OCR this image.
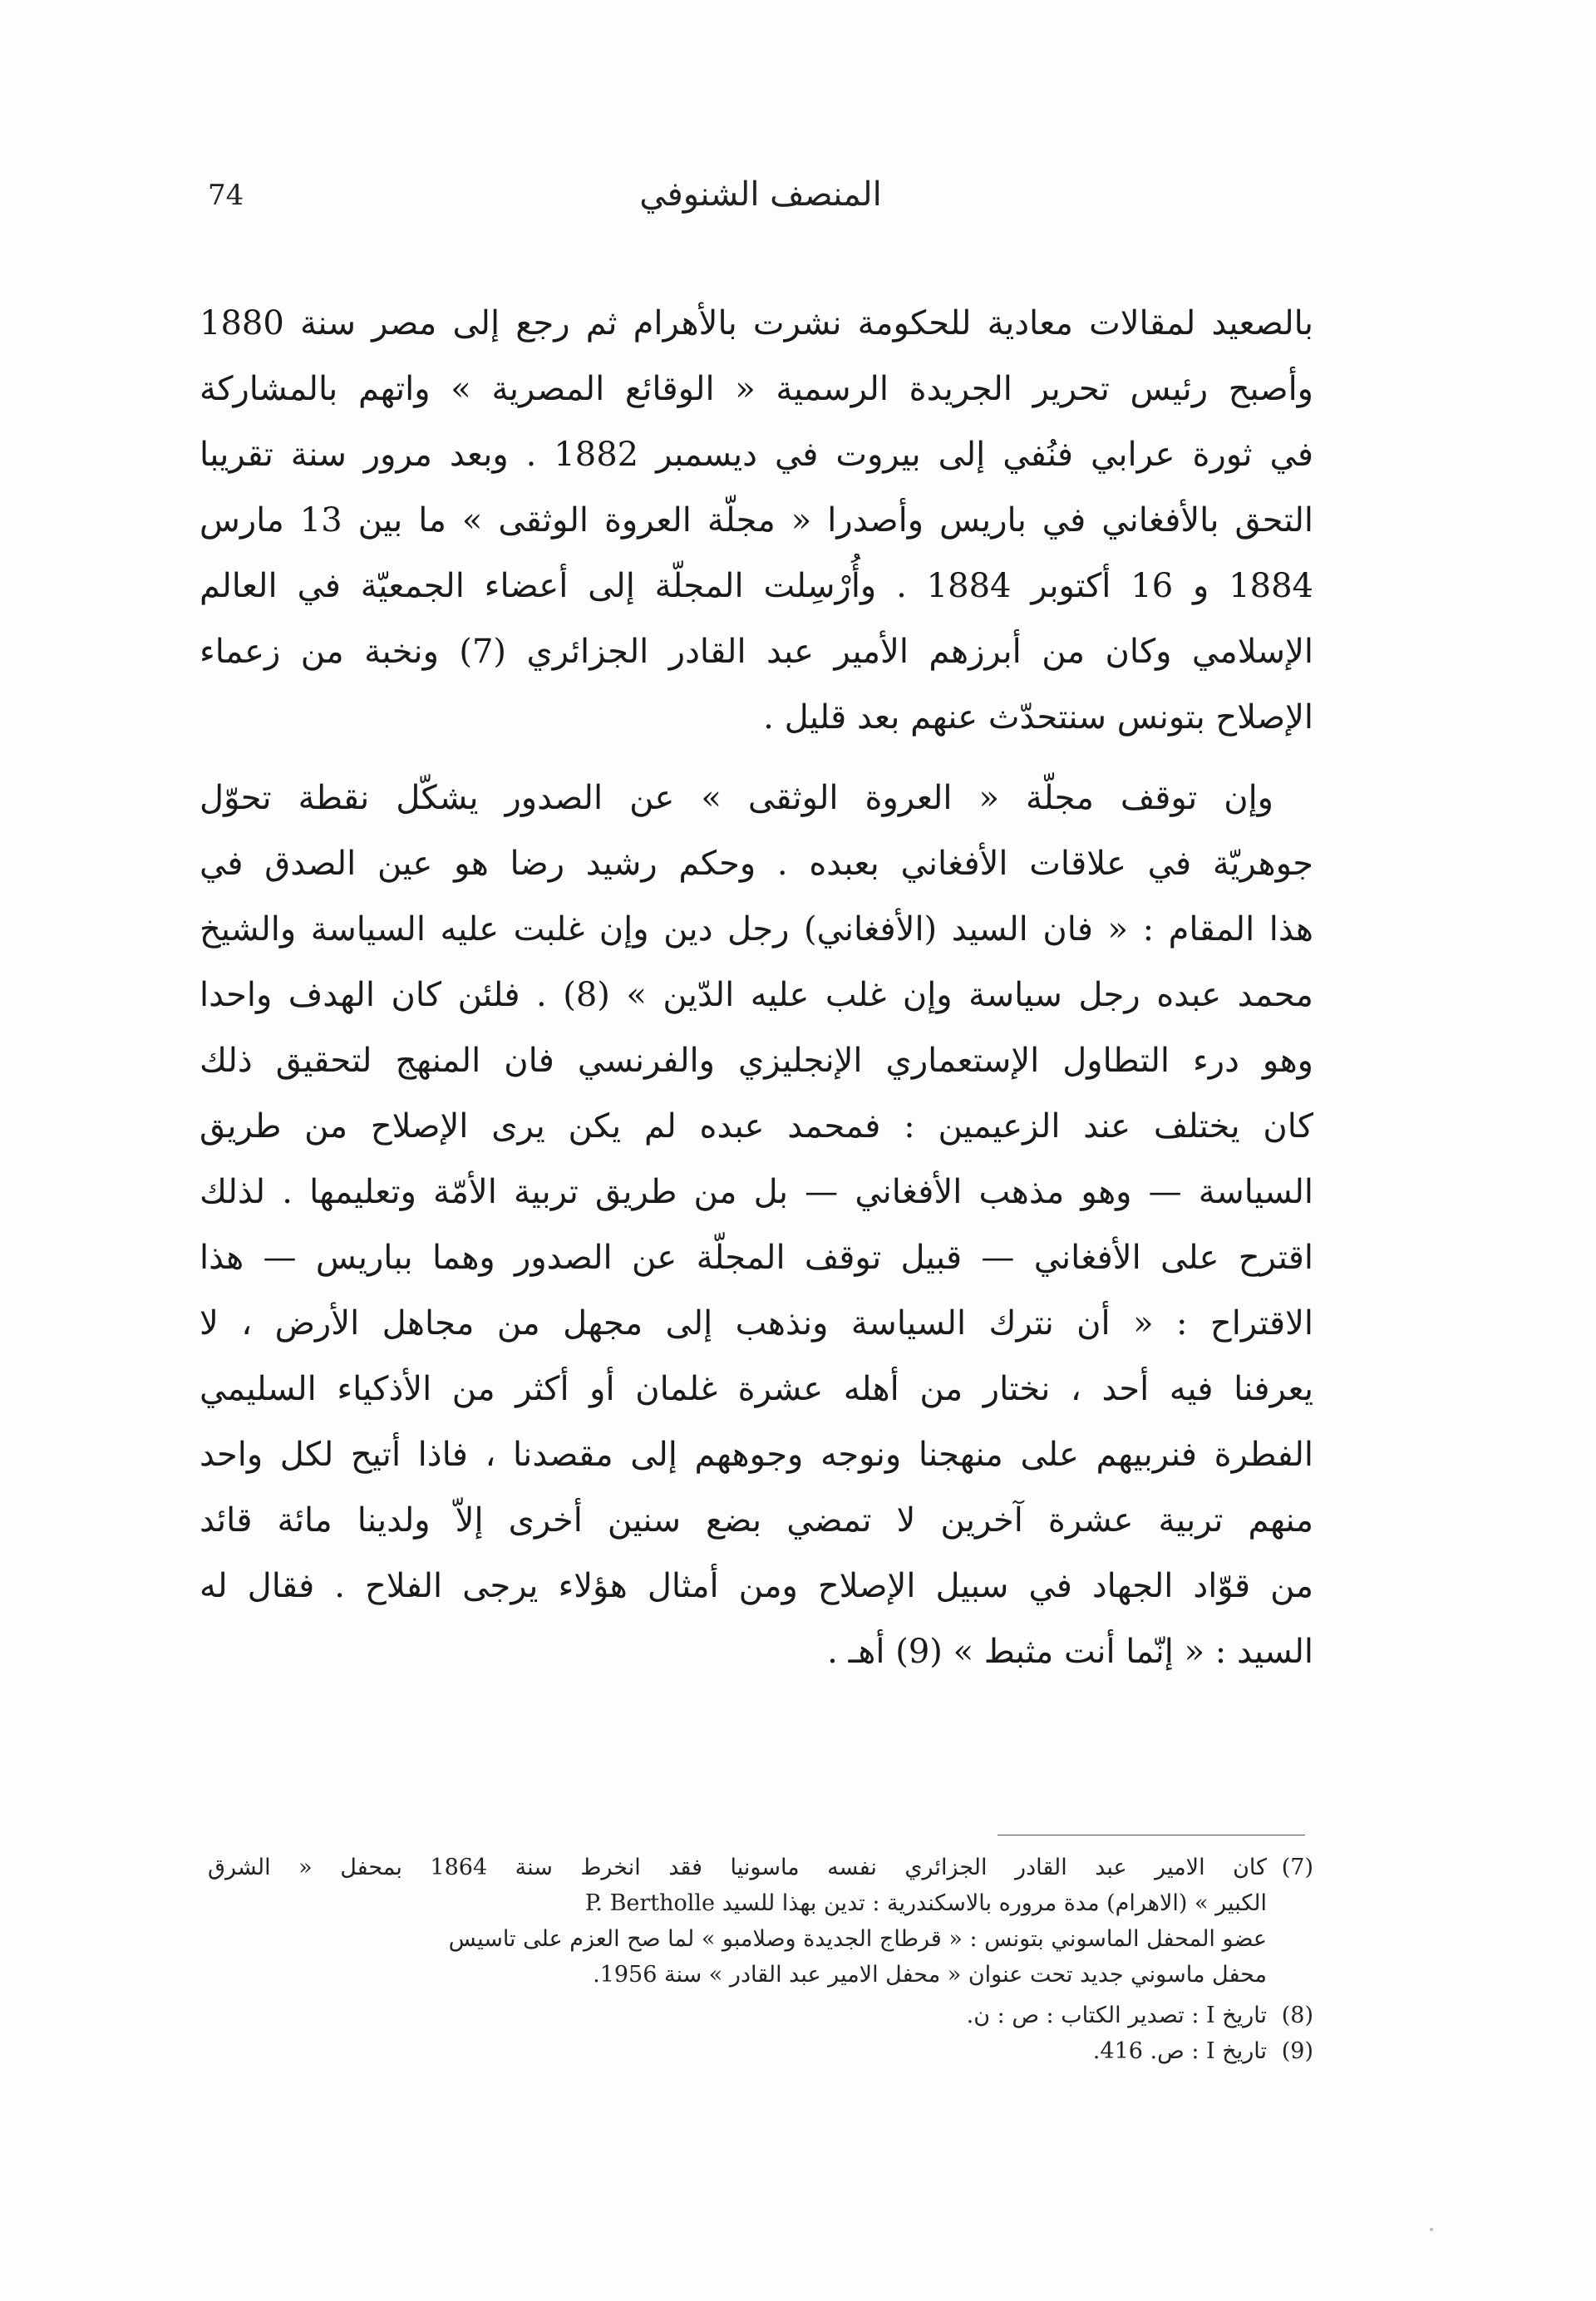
74	المنصف الشنوفي
بالصعيد لمقالات معادية للحكومة نشرت بالأهرام ثم رجع إلى مصر سنة 1880
وأصبح رئيس تحرير الجريدة الرسمية « الوقائع المصرية » واتهم بالمشاركة
في ثورة عرابي فنُفي إلى بيروت في ديسمبر 1882 . وبعد مرور سنة تقريبا
التحق بالأفغاني في باريس وأصدرا « مجلّة العروة الوثقى » ما بين 13 مارس
1884 و 16 أكتوبر 1884 . وأُرْسِلت المجلّة إلى أعضاء الجمعيّة في العالم
الإسلامي وكان من أبرزهم الأمير عبد القادر الجزائري (7) ونخبة من زعماء
الإصلاح بتونس سنتحدّث عنهم بعد قليل .
وإن توقف مجلّة « العروة الوثقى » عن الصدور يشكّل نقطة تحوّل
جوهريّة في علاقات الأفغاني بعبده . وحكم رشيد رضا هو عين الصدق في
هذا المقام : « فان السيد (الأفغاني) رجل دين وإن غلبت عليه السياسة والشيخ
محمد عبده رجل سياسة وإن غلب عليه الدّين » (8) . فلئن كان الهدف واحدا
وهو درء التطاول الإستعماري الإنجليزي والفرنسي فان المنهج لتحقيق ذلك
كان يختلف عند الزعيمين : فمحمد عبده لم يكن يرى الإصلاح من طريق
السياسة — وهو مذهب الأفغاني — بل من طريق تربية الأمّة وتعليمها . لذلك
اقترح على الأفغاني — قبيل توقف المجلّة عن الصدور وهما بباريس — هذا
الاقتراح : « أن نترك السياسة ونذهب إلى مجهل من مجاهل الأرض ، لا
يعرفنا فيه أحد ، نختار من أهله عشرة غلمان أو أكثر من الأذكياء السليمي
الفطرة فنربيهم على منهجنا ونوجه وجوههم إلى مقصدنا ، فاذا أتيح لكل واحد
منهم تربية عشرة آخرين لا تمضي بضع سنين أخرى إلاّ ولدينا مائة قائد
من قوّاد الجهاد في سبيل الإصلاح ومن أمثال هؤلاء يرجى الفلاح . فقال له
السيد : « إنّما أنت مثبط » (9) أهـ .
(7)كان الامير عبد القادر الجزائري نفسه ماسونيا فقد انخرط سنة 1864 بمحفل « الشرق
الكبير » (الاهرام) مدة مروره بالاسكندرية : تدين بهذا للسيد P. Bertholle
عضو المحفل الماسوني بتونس : « قرطاج الجديدة وصلامبو » لما صح العزم على تاسيس
محفل ماسوني جديد تحت عنوان « محفل الامير عبد القادر » سنة 1956.
(8)تاريخ I : تصدير الكتاب : ص : ن.
(9)تاريخ I : ص. 416.
